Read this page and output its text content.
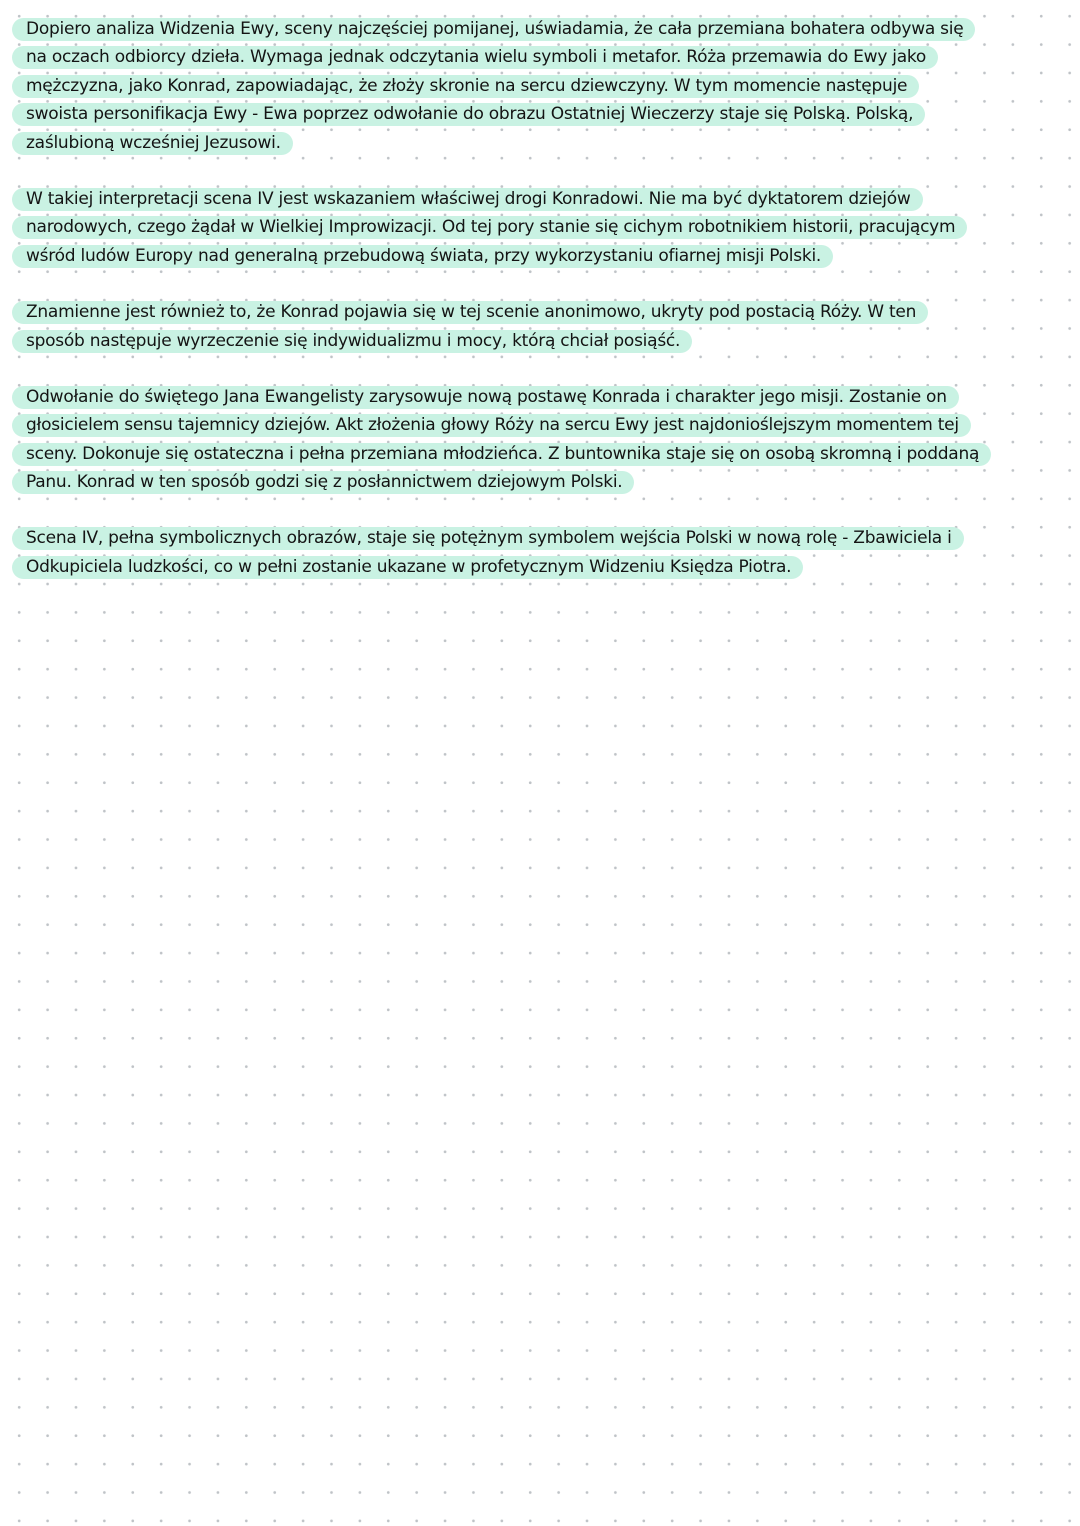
Dopiero analiza Widzenia Ewy, sceny najczęściej pomijanej, uświadamia, że cała przemiana bohatera odbywa się
na oczach odbiorcy dzieła. Wymaga jednak odczytania wielu symboli i metafor. Róża przemawia do Ewy jako
mężczyzna, jako Konrad, zapowiadając, że złoży skronie na sercu dziewczyny. W tym momencie następuje
swoista personifikacja Ewy - Ewa poprzez odwołanie do obrazu Ostatniej Wieczerzy staje się Polską. Polską,
zaślubioną wcześniej Jezusowi.
W takiej interpretacji scena IV jest wskazaniem właściwej drogi Konradowi. Nie ma być dyktatorem dziejów
narodowych, czego żądał w Wielkiej Improwizacji. Od tej pory stanie się cichym robotnikiem historii, pracującym
wśród ludów Europy nad generalną przebudową świata, przy wykorzystaniu ofiarnej misji Polski.
Znamienne jest również to, że Konrad pojawia się w tej scenie anonimowo, ukryty pod postacią Róży. W ten
sposób następuje wyrzeczenie się indywidualizmu i mocy, którą chciał posiąść.
Odwołanie do świętego Jana Ewangelisty zarysowuje nową postawę Konrada i charakter jego misji. Zostanie on
głosicielem sensu tajemnicy dziejów. Akt złożenia głowy Róży na sercu Ewy jest najdonioślejszym momentem tej
sceny. Dokonuje się ostateczna i pełna przemiana młodzieńca. Z buntownika staje się on osobą skromną i poddaną
Panu. Konrad w ten sposób godzi się z posłannictwem dziejowym Polski.
Scena IV, pełna symbolicznych obrazów, staje się potężnym symbolem wejścia Polski w nową rolę - Zbawiciela i
Odkupiciela ludzkości, co w pełni zostanie ukazane w profetycznym Widzeniu Księdza Piotra.
